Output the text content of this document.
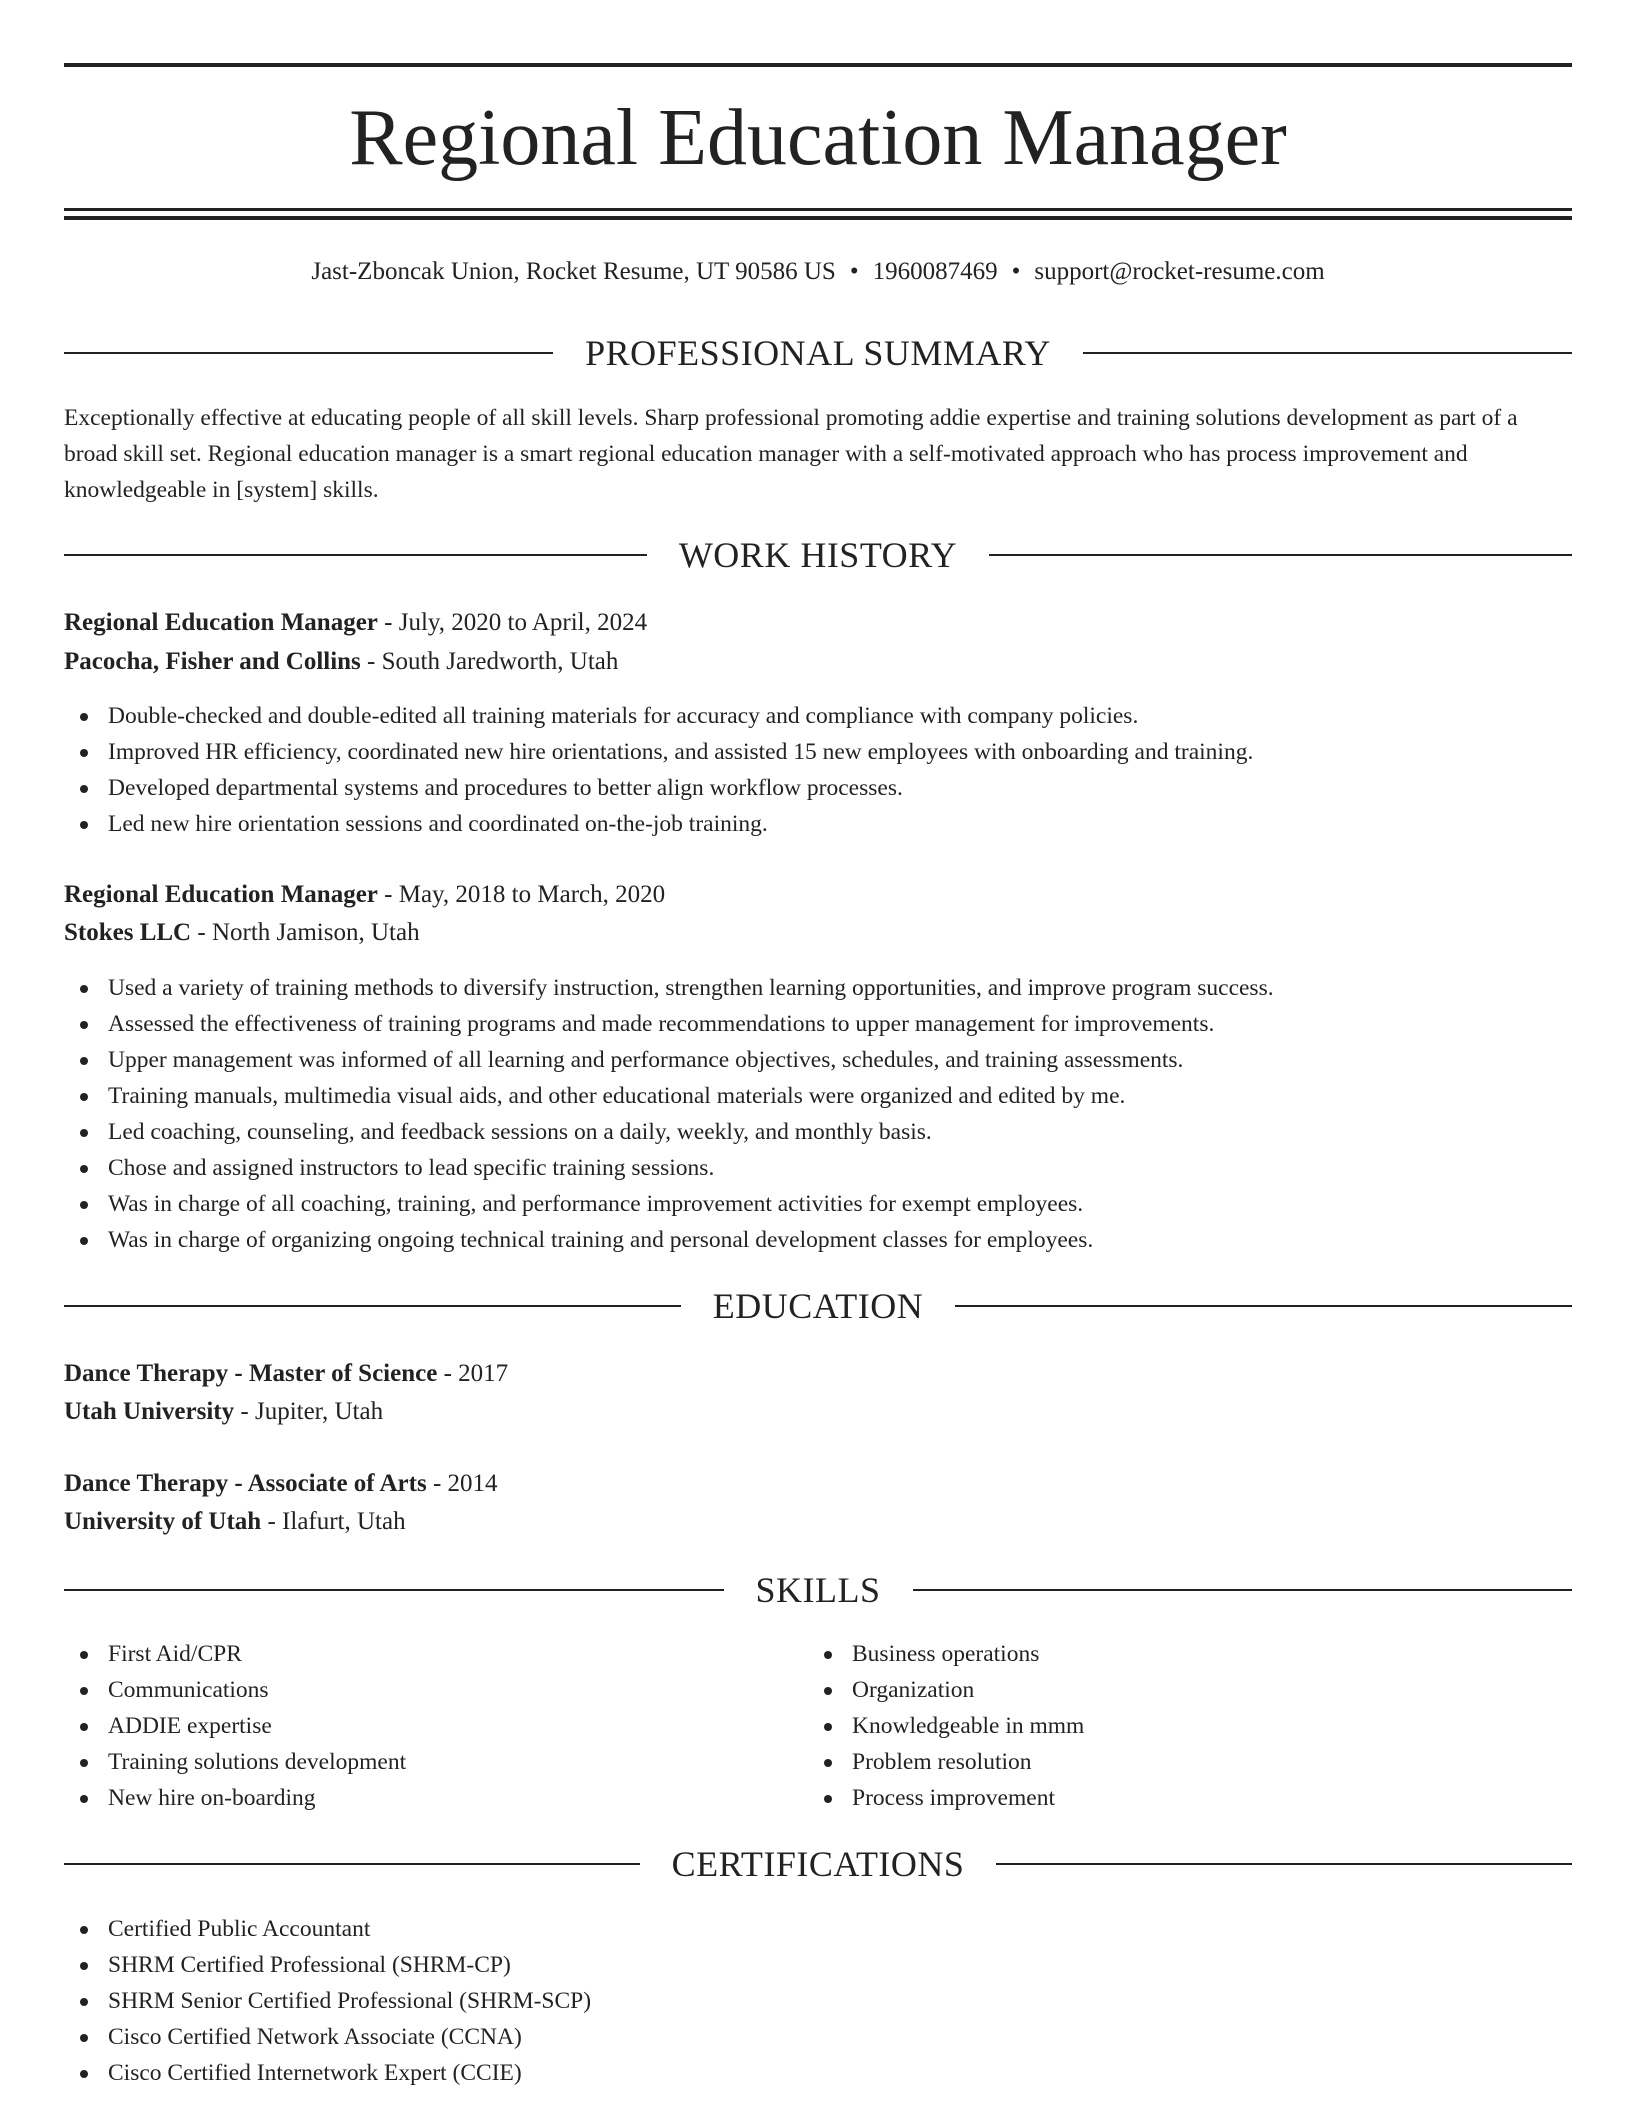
Regional Education Manager
Jast-Zboncak Union, Rocket Resume, UT 90586 US • 1960087469 • support@rocket-resume.com
PROFESSIONAL SUMMARY

Exceptionally effective at educating people of all skill levels. Sharp professional promoting addie expertise and training solutions development as part of a broad skill set. Regional education manager is a smart regional education manager with a self-motivated approach who has process improvement and knowledgeable in [system] skills.

WORK HISTORY
Regional Education Manager - July, 2020 to April, 2024
Pacocha, Fisher and Collins - South Jaredworth, Utah
Double-checked and double-edited all training materials for accuracy and compliance with company policies.
Improved HR efficiency, coordinated new hire orientations, and assisted 15 new employees with onboarding and training.
Developed departmental systems and procedures to better align workflow processes.
Led new hire orientation sessions and coordinated on-the-job training.
Regional Education Manager - May, 2018 to March, 2020
Stokes LLC - North Jamison, Utah
Used a variety of training methods to diversify instruction, strengthen learning opportunities, and improve program success.
Assessed the effectiveness of training programs and made recommendations to upper management for improvements.
Upper management was informed of all learning and performance objectives, schedules, and training assessments.
Training manuals, multimedia visual aids, and other educational materials were organized and edited by me.
Led coaching, counseling, and feedback sessions on a daily, weekly, and monthly basis.
Chose and assigned instructors to lead specific training sessions.
Was in charge of all coaching, training, and performance improvement activities for exempt employees.
Was in charge of organizing ongoing technical training and personal development classes for employees.
EDUCATION
Dance Therapy - Master of Science - 2017
Utah University - Jupiter, Utah
Dance Therapy - Associate of Arts - 2014
University of Utah - Ilafurt, Utah
SKILLS
First Aid/CPR
Communications
ADDIE expertise
Training solutions development
New hire on-boarding
Business operations
Organization
Knowledgeable in mmm
Problem resolution
Process improvement
CERTIFICATIONS
Certified Public Accountant
SHRM Certified Professional (SHRM-CP)
SHRM Senior Certified Professional (SHRM-SCP)
Cisco Certified Network Associate (CCNA)
Cisco Certified Internetwork Expert (CCIE)
